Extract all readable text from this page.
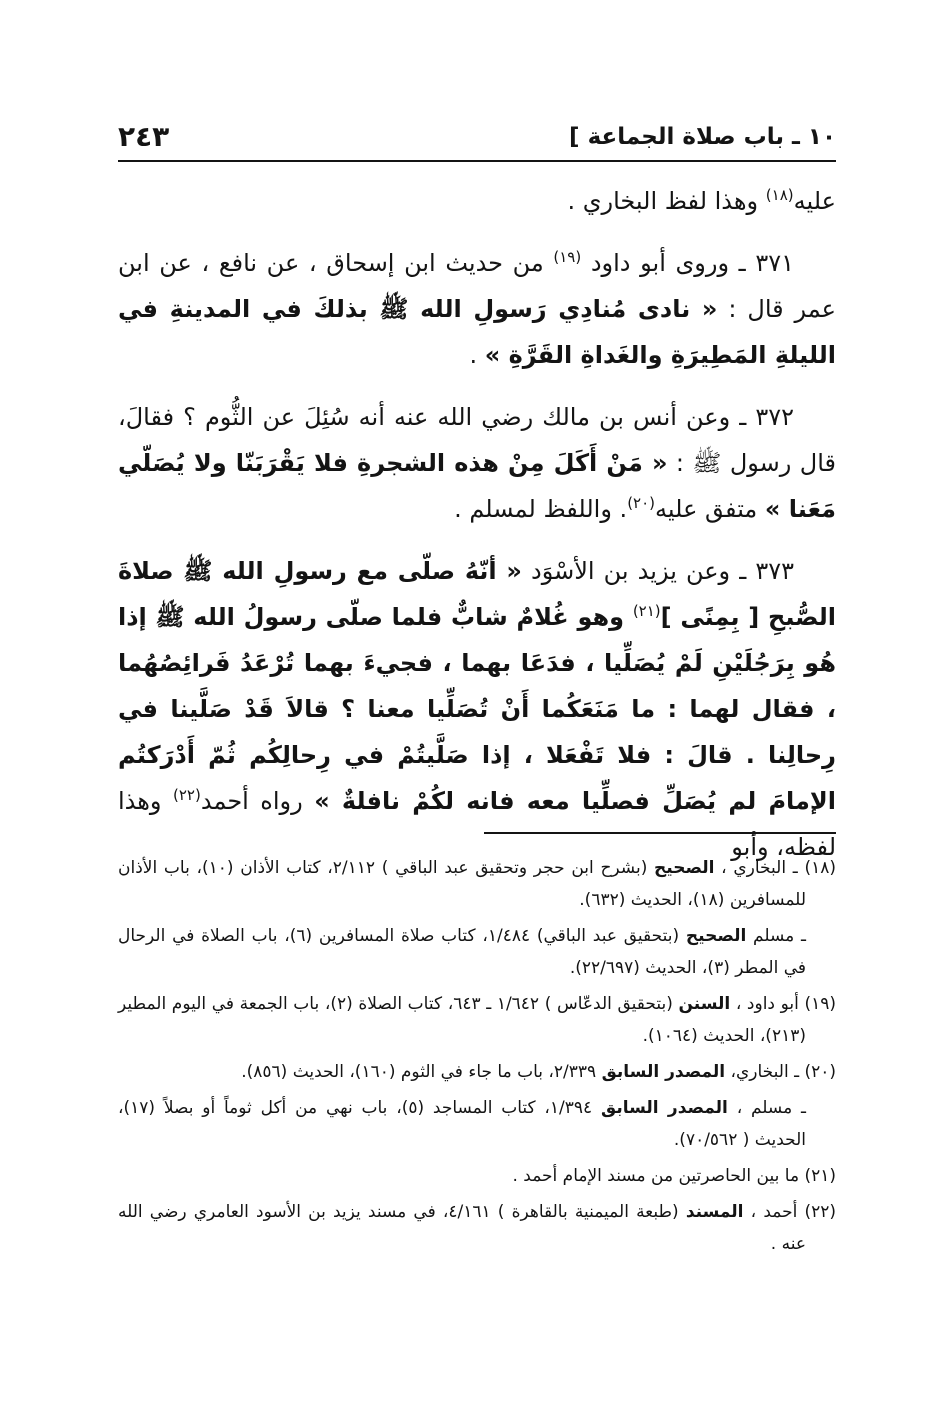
١٠ ـ باب صلاة الجماعة ]
٢٤٣

عليه$^{(١٨)}$ وهذا لفظ البخاري .

٣٧١ ـ وروى أبو داود $^{(١٩)}$ من حديث ابن إسحاق ، عن نافع ، عن ابن عمر قال : « نادى مُنادِي رَسولِ الله ﷺ بذلكَ في المدينةِ في الليلةِ المَطِيرَةِ والغَداةِ القَرَّةِ » .

٣٧٢ ـ وعن أنس بن مالك رضي الله عنه أنه سُئِلَ عن الثُّوم ؟ فقالَ، قال رسول ﷺ : « مَنْ أَكَلَ مِنْ هذه الشجرةِ فلا يَقْرَبَنّا ولا يُصَلّي مَعَنا » متفق عليه$^{(٢٠)}$. واللفظ لمسلم .

٣٧٣ ـ وعن يزيد بن الأسْوَد « أنّهُ صلّى مع رسولِ الله ﷺ صلاةَ الصُّبحِ [ بِمِنًى ]$^{(٢١)}$ وهو غُلامٌ شابٌّ فلما صلّى رسولُ الله ﷺ إذا هُو بِرَجُلَيْنِ لَمْ يُصَلِّيا ، فدَعَا بهما ، فجيءَ بهما تُرْعَدُ فَرائِصُهُما ، فقال لهما : ما مَنَعَكُما أَنْ تُصَلِّيا معنا ؟ قالاَ قَدْ صَلَّينا في رِحالِنا . قالَ : فلا تَفْعَلا ، إذا صَلَّيتُمْ في رِحالِكُم ثُمّ أَدْرَكتُم الإمامَ لم يُصَلِّ فصلِّيا معه فانه لكُمْ نافلةٌ » رواه أحمد$^{(٢٢)}$ وهذا لفظه، وأبو

(١٨) ـ البخاري ، الصحيح (بشرح ابن حجر وتحقيق عبد الباقي ) ٢/١١٢، كتاب الأذان (١٠)، باب الأذان للمسافرين (١٨)، الحديث (٦٣٢).

ـ مسلم الصحيح (بتحقيق عبد الباقي) ١/٤٨٤، كتاب صلاة المسافرين (٦)، باب الصلاة في الرحال في المطر (٣)، الحديث (٢٢/٦٩٧).

(١٩) أبو داود ، السنن (بتحقيق الدعّاس ) ١/٦٤٢ ـ ٦٤٣، كتاب الصلاة (٢)، باب الجمعة في اليوم المطير (٢١٣)، الحديث (١٠٦٤).

(٢٠) ـ البخاري، المصدر السابق ٢/٣٣٩، باب ما جاء في الثوم (١٦٠)، الحديث (٨٥٦).

ـ مسلم ، المصدر السابق ١/٣٩٤، كتاب المساجد (٥)، باب نهي من أكل ثوماً أو بصلاً (١٧)، الحديث ( ٧٠/٥٦٢).

(٢١) ما بين الحاصرتين من مسند الإمام أحمد .

(٢٢) أحمد ، المسند (طبعة الميمنية بالقاهرة ) ٤/١٦١، في مسند يزيد بن الأسود العامري رضي الله عنه .
